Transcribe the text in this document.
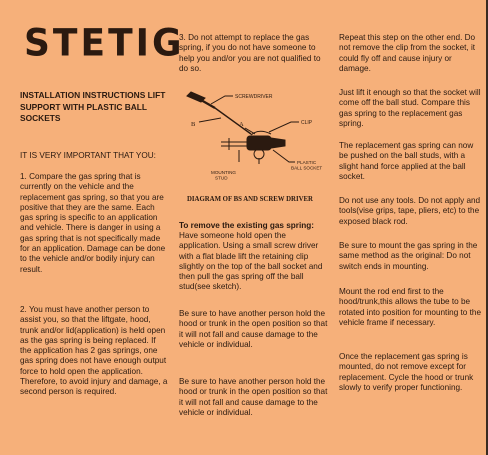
STETIG
INSTALLATION INSTRUCTIONS LIFT SUPPORT WITH PLASTIC BALL SOCKETS

IT IS VERY IMPORTANT THAT YOU:

1. Compare the gas spring that is currently on the vehicle and the replacement gas spring, so that you are positive that they are the same. Each gas spring is specific to an application and vehicle. There is danger in using a gas spring that is not specifically made for an application. Damage can be done to the vehicle and/or bodily injury can result.

2. You must have another person to assist you, so that the liftgate, hood, trunk and/or lid(application) is held open as the gas spring is being replaced. If the application has 2 gas springs, one gas spring does not have enough output force to hold open the application. Therefore, to avoid injury and damage, a second person is required.

3. Do not attempt to replace the gas spring, if you do not have someone to help you and/or you are not qualified to do so.

SCREWDRIVER
CLIP
A
B
MOUNTING STUD
PLASTIC BALL SOCKET
DIAGRAM OF BS AND SCREW DRIVER

To remove the existing gas spring:

Have someone hold open the application. Using a small screw driver with a flat blade lift the retaining clip slightly on the top of the ball socket and then pull the gas spring off the ball stud(see sketch).

Be sure to have another person hold the hood or trunk in the open position so that it will not fall and cause damage to the vehicle or individual.

Be sure to have another person hold the hood or trunk in the open position so that it will not fall and cause damage to the vehicle or individual.

Repeat this step on the other end. Do not remove the clip from the socket, it could fly off and cause injury or damage.

Just lift it enough so that the socket will come off the ball stud. Compare this gas spring to the replacement gas spring.

The replacement gas spring can now be pushed on the ball studs, with a slight hand force applied at the ball socket.

Do not use any tools. Do not apply and tools(vise grips, tape, pliers, etc) to the exposed black rod.

Be sure to mount the gas spring in the same method as the original: Do not switch ends in mounting.

Mount the rod end first to the hood/trunk,this allows the tube to be rotated into position for mounting to the vehicle frame if necessary.

Once the replacement gas spring is mounted, do not remove except for replacement. Cycle the hood or trunk slowly to verify proper functioning.
